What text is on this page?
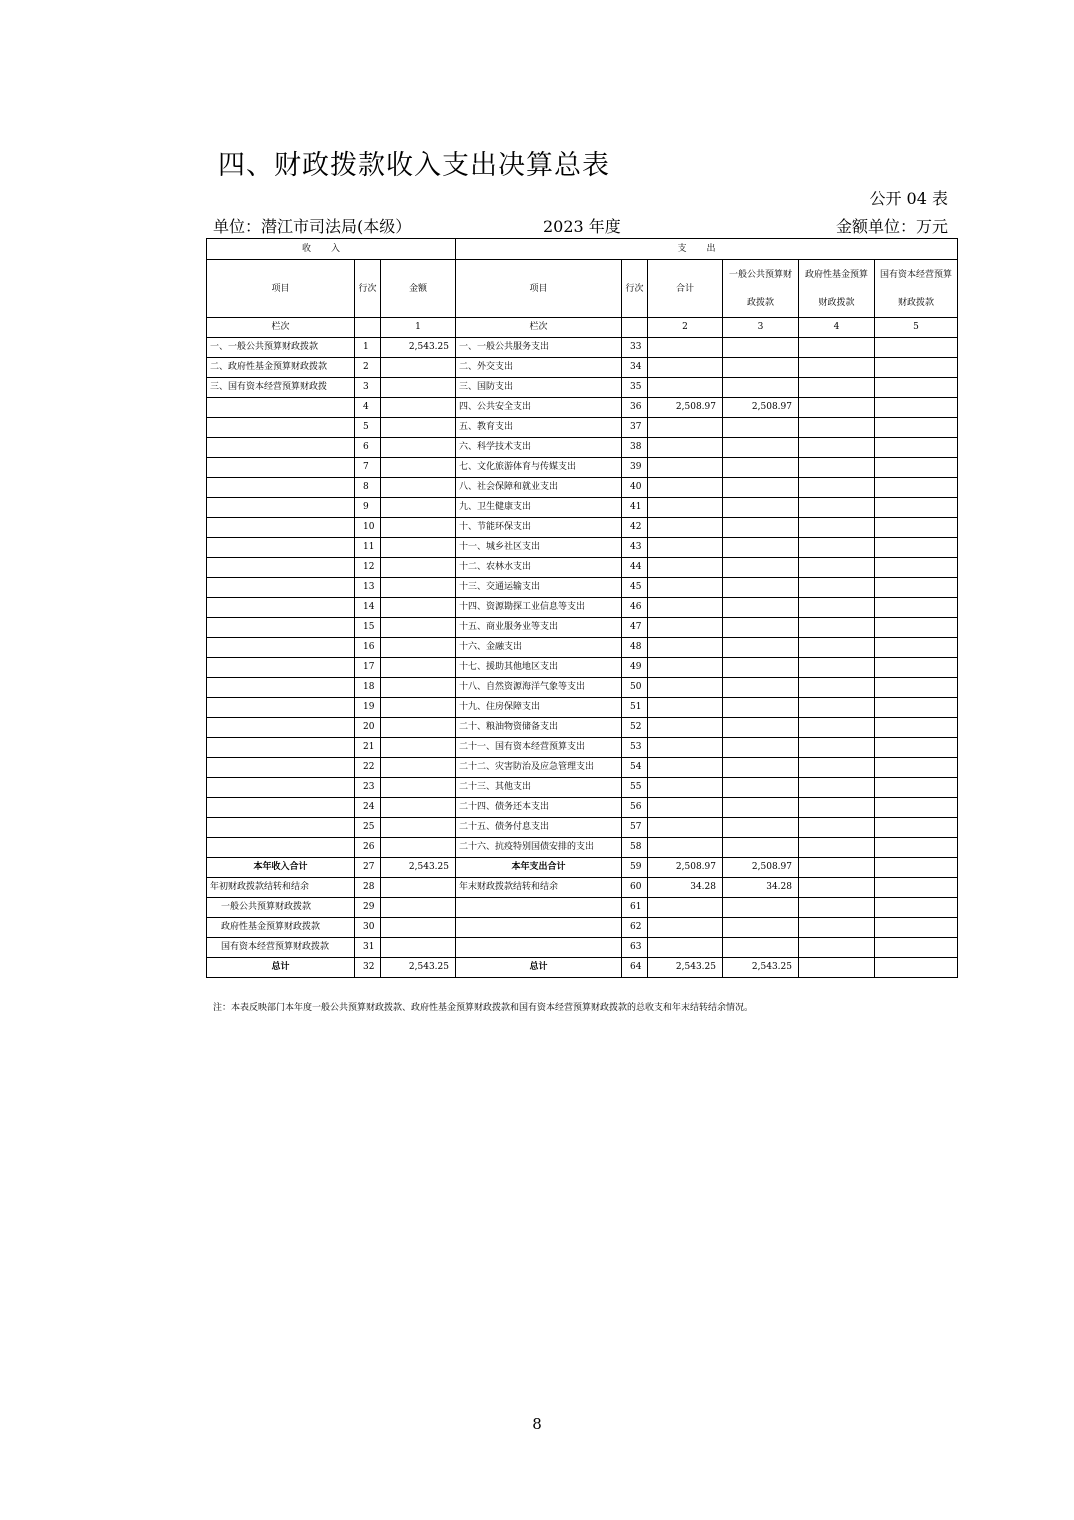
四、财政拨款收入支出决算总表
公开 04 表
单位：潜江市司法局(本级）	2023 年度	金额单位：万元
收入			支出					
项目	行次	金额	项目	行次	合计	一般公共预算财政拨款	政府性基金预算财政拨款	国有资本经营预算财政拨款
栏次		1	栏次		2	3	4	5
一、一般公共预算财政拨款	1	2,543.25	一、一般公共服务支出	33				
二、政府性基金预算财政拨款	2		二、外交支出	34				
三、国有资本经营预算财政拨	3		三、国防支出	35				
	4		四、公共安全支出	36	2,508.97	2,508.97		
	5		五、教育支出	37				
	6		六、科学技术支出	38				
	7		七、文化旅游体育与传媒支出	39				
	8		八、社会保障和就业支出	40				
	9		九、卫生健康支出	41				
	10		十、节能环保支出	42				
	11		十一、城乡社区支出	43				
	12		十二、农林水支出	44				
	13		十三、交通运输支出	45				
	14		十四、资源勘探工业信息等支出	46				
	15		十五、商业服务业等支出	47				
	16		十六、金融支出	48				
	17		十七、援助其他地区支出	49				
	18		十八、自然资源海洋气象等支出	50				
	19		十九、住房保障支出	51				
	20		二十、粮油物资储备支出	52				
	21		二十一、国有资本经营预算支出	53				
	22		二十二、灾害防治及应急管理支出	54				
	23		二十三、其他支出	55				
	24		二十四、债务还本支出	56				
	25		二十五、债务付息支出	57				
	26		二十六、抗疫特别国债安排的支出	58				
本年收入合计	27	2,543.25	本年支出合计	59	2,508.97	2,508.97		
年初财政拨款结转和结余	28		年末财政拨款结转和结余	60	34.28	34.28		
一般公共预算财政拨款	29			61				
政府性基金预算财政拨款	30			62				
国有资本经营预算财政拨款	31			63				
总计	32	2,543.25	总计	64	2,543.25	2,543.25		
注：本表反映部门本年度一般公共预算财政拨款、政府性基金预算财政拨款和国有资本经营预算财政拨款的总收支和年末结转结余情况。
8
